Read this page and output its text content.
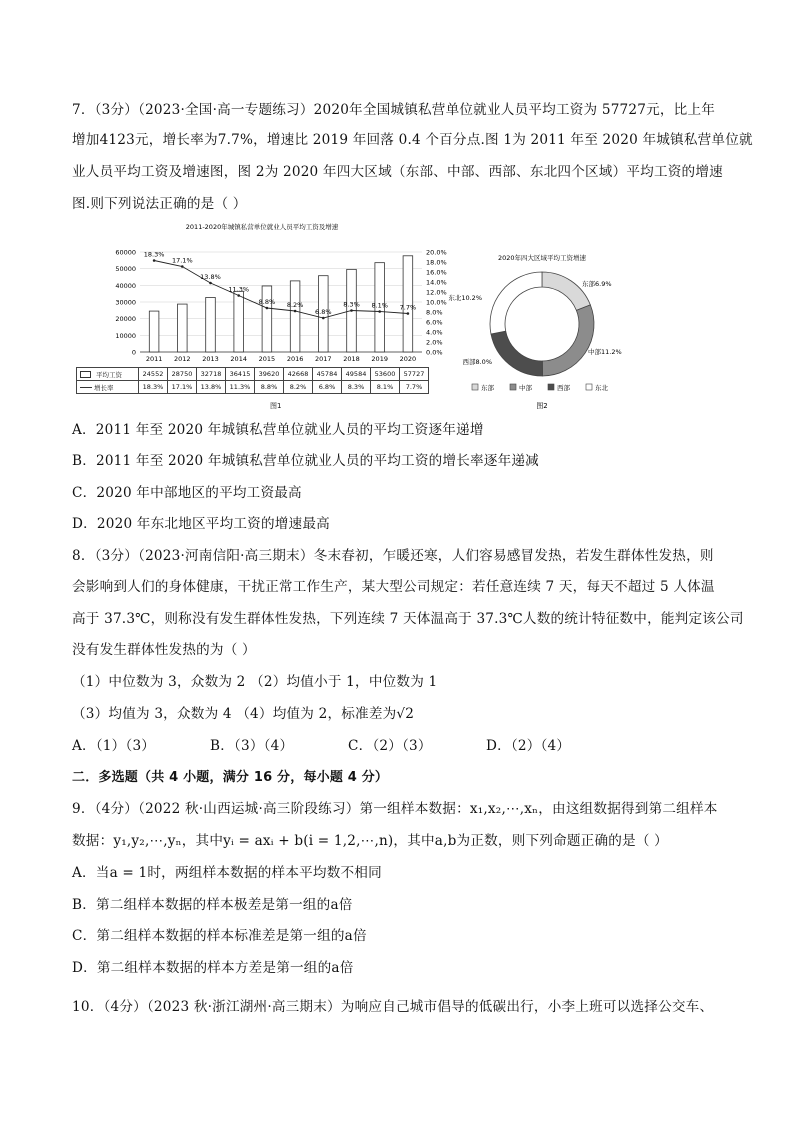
7．（3分）（2023·全国·高一专题练习）2020年全国城镇私营单位就业人员平均工资为 57727元，比上年
增加4123元，增长率为7.7%，增速比 2019 年回落 0.4 个百分点.图 1为 2011 年至 2020 年城镇私营单位就
业人员平均工资及增速图，图 2为 2020 年四大区域（东部、中部、西部、东北四个区域）平均工资的增速
图.则下列说法正确的是（ ）
2011-2020年城镇私营单位就业人员平均工资及增速
60000
50000
40000
30000
20000
10000
0
20.0%
18.0%
16.0%
14.0%
12.0%
10.0%
8.0%
6.0%
4.0%
2.0%
0.0%
2011 2012 2013 2014 2015 2016 2017 2018 2019 2020
18.3%
17.1%
13.8%
11.3%
8.8% 8.2%
6.8%
8.3% 8.1% 7.7%
平均工资	24552	28750	32718	36415	39620	42668	45784	49584	53600	57727
增长率	18.3%	17.1%	13.8%	11.3%	8.8%	8.2%	6.8%	8.3%	8.1%	7.7%
图1
2020年四大区域平均工资增速
东部6.9%
中部11.2%
西部8.0%
东北10.2%
东部	中部	西部	东北
图2
A．2011 年至 2020 年城镇私营单位就业人员的平均工资逐年递增
B．2011 年至 2020 年城镇私营单位就业人员的平均工资的增长率逐年递减
C．2020 年中部地区的平均工资最高
D．2020 年东北地区平均工资的增速最高
8．（3分）（2023·河南信阳·高三期末）冬末春初，乍暖还寒，人们容易感冒发热，若发生群体性发热，则
会影响到人们的身体健康，干扰正常工作生产，某大型公司规定：若任意连续 7 天，每天不超过 5 人体温
高于 37.3℃，则称没有发生群体性发热，下列连续 7 天体温高于 37.3℃人数的统计特征数中，能判定该公司
没有发生群体性发热的为（ ）
（1）中位数为 3，众数为 2 （2）均值小于 1，中位数为 1
（3）均值为 3，众数为 4 （4）均值为 2，标准差为√2
A．（1）（3）	B．（3）（4）	C．（2）（3）	D．（2）（4）
二．多选题（共 4 小题，满分 16 分，每小题 4 分）
9．（4分）（2022 秋·山西运城·高三阶段练习）第一组样本数据：x₁,x₂,⋯,xₙ，由这组数据得到第二组样本
数据：y₁,y₂,⋯,yₙ，其中yᵢ = axᵢ + b(i = 1,2,⋯,n)，其中a,b为正数，则下列命题正确的是（ ）
A．当a = 1时，两组样本数据的样本平均数不相同
B．第二组样本数据的样本极差是第一组的a倍
C．第二组样本数据的样本标准差是第一组的a倍
D．第二组样本数据的样本方差是第一组的a倍
10．（4分）（2023 秋·浙江湖州·高三期末）为响应自己城市倡导的低碳出行，小李上班可以选择公交车、
